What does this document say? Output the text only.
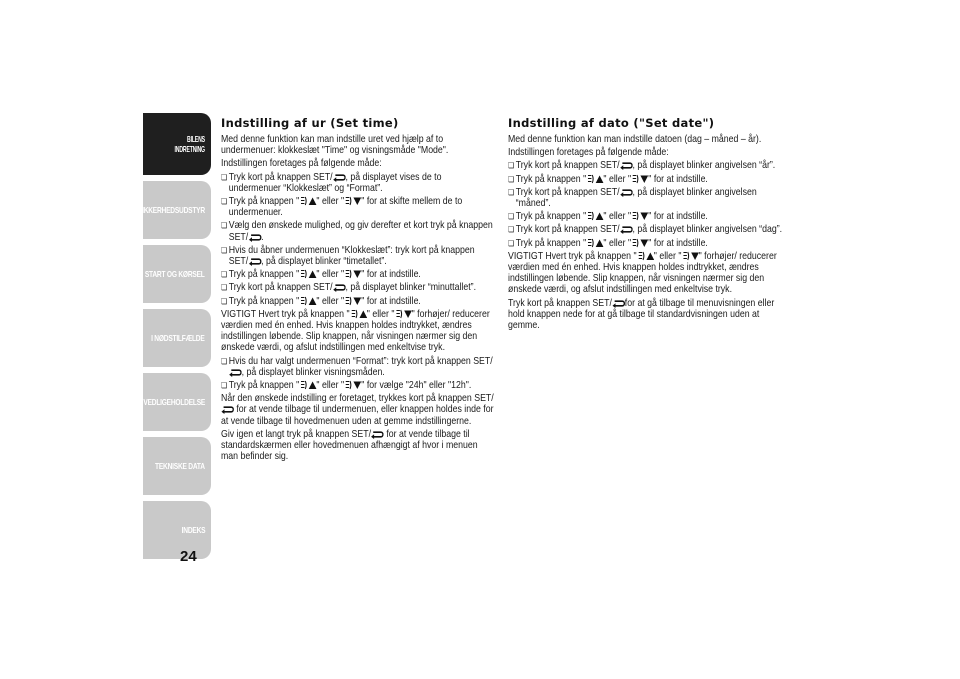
BILENS
INDRETNING
SIKKERHEDSUDSTYR
START OG KØRSEL
I NØDSTILFÆLDE
VEDLIGEHOLDELSE
TEKNISKE DATA
INDEKS
24
Indstilling af ur (Set time)

Med denne funktion kan man indstille uret ved hjælp af to undermenuer: klokkeslæt "Time" og visningsmåde "Mode".

Indstillingen foretages på følgende måde:

❏ Tryk kort på knappen SET/ , på displayet vises de to undermenuer “Klokkeslæt” og “Format”.
❏ Tryk på knappen " " eller " " for at skifte mellem de to undermenuer.
❏ Vælg den ønskede mulighed, og giv derefter et kort tryk på knappen SET/ .
❏ Hvis du åbner undermenuen “Klokkeslæt”: tryk kort på knappen SET/ , på displayet blinker “timetallet”.
❏ Tryk på knappen " " eller " " for at indstille.
❏ Tryk kort på knappen SET/ , på displayet blinker “minuttallet”.
❏ Tryk på knappen " " eller " " for at indstille.

VIGTIGT Hvert tryk på knappen " " eller " " forhøjer/ reducerer værdien med én enhed. Hvis knappen holdes indtrykket, ændres indstillingen løbende. Slip knappen, når visningen nærmer sig den ønskede værdi, og afslut indstillingen med enkeltvise tryk.

❏ Hvis du har valgt undermenuen “Format”: tryk kort på knappen SET/, på displayet blinker visningsmåden.
❏ Tryk på knappen " " eller " " for vælge "24h" eller "12h".

Når den ønskede indstilling er foretaget, trykkes kort på knappen SET/ for at vende tilbage til undermenuen, eller knappen holdes inde for at vende tilbage til hovedmenuen uden at gemme indstillingerne.

Giv igen et langt tryk på knappen SET/ for at vende tilbage til standardskærmen eller hovedmenuen afhængigt af hvor i menuen man befinder sig.

Indstilling af dato ("Set date")

Med denne funktion kan man indstille datoen (dag – måned – år).

Indstillingen foretages på følgende måde:

❏ Tryk kort på knappen SET/ , på displayet blinker angivelsen “år”.
❏ Tryk på knappen " " eller " " for at indstille.
❏ Tryk kort på knappen SET/ , på displayet blinker angivelsen “måned”.
❏ Tryk på knappen " " eller " " for at indstille.
❏ Tryk kort på knappen SET/ , på displayet blinker angivelsen “dag”.
❏ Tryk på knappen " " eller " " for at indstille.

VIGTIGT Hvert tryk på knappen " " eller " " forhøjer/ reducerer værdien med én enhed. Hvis knappen holdes indtrykket, ændres indstillingen løbende. Slip knappen, når visningen nærmer sig den ønskede værdi, og afslut indstillingen med enkeltvise tryk.

Tryk kort på knappen SET/ for at gå tilbage til menuvisningen eller hold knappen nede for at gå tilbage til standardvisningen uden at gemme.
